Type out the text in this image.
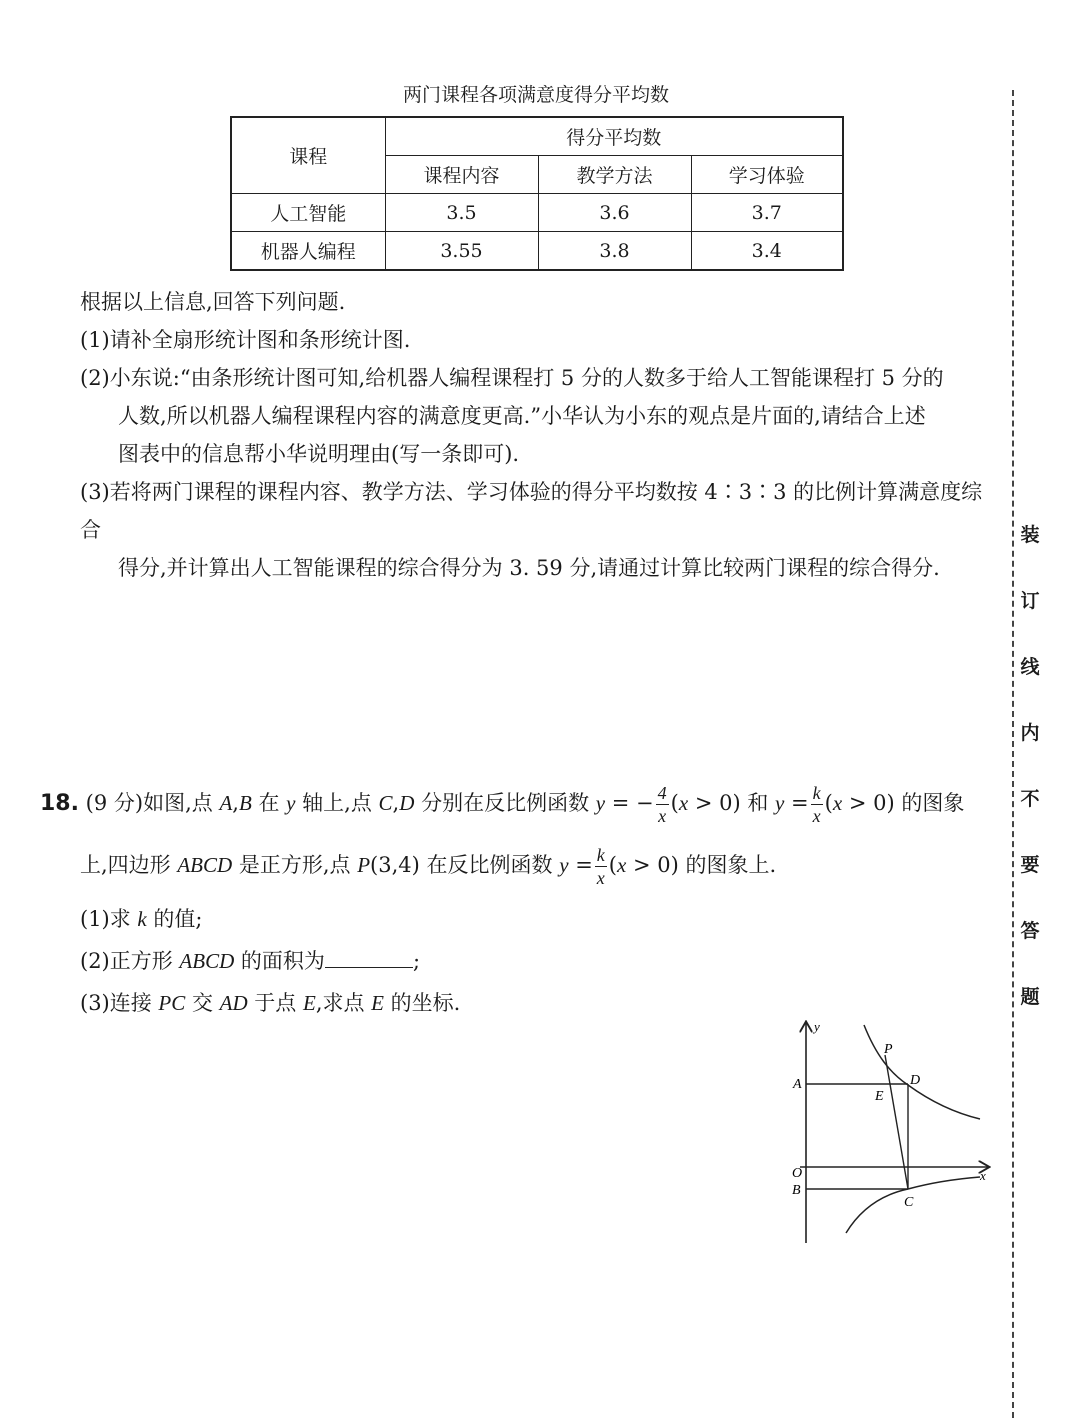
两门课程各项满意度得分平均数
课程	得分平均数		
	课程内容	教学方法	学习体验
人工智能	3.5	3.6	3.7
机器人编程	3.55	3.8	3.4

根据以上信息,回答下列问题.

(1)请补全扇形统计图和条形统计图.

(2)小东说:“由条形统计图可知,给机器人编程课程打 5 分的人数多于给人工智能课程打 5 分的

人数,所以机器人编程课程内容的满意度更高.”小华认为小东的观点是片面的,请结合上述

图表中的信息帮小华说明理由(写一条即可).

(3)若将两门课程的课程内容、教学方法、学习体验的得分平均数按 4∶3∶3 的比例计算满意度综合

得分,并计算出人工智能课程的综合得分为 3. 59 分,请通过计算比较两门课程的综合得分.

18. (9 分)如图,点 A,B 在 y 轴上,点 C,D 分别在反比例函数 y = − $\frac{4}{x} (x > 0)$ 和 $y = \frac{k}{x} (x > 0)$ 的图象
上,四边形 ABCD 是正方形,点 P(3,4) 在反比例函数 $y = \frac{k}{x} (x > 0)$ 的图象上.

(1)求 k 的值;

(2)正方形 ABCD 的面积为	;

(3)连接 PC 交 AD 于点 E,求点 E 的坐标.

y
x
O
A
B
C
D
E
P
装
订
线
内
不
要
答
题
